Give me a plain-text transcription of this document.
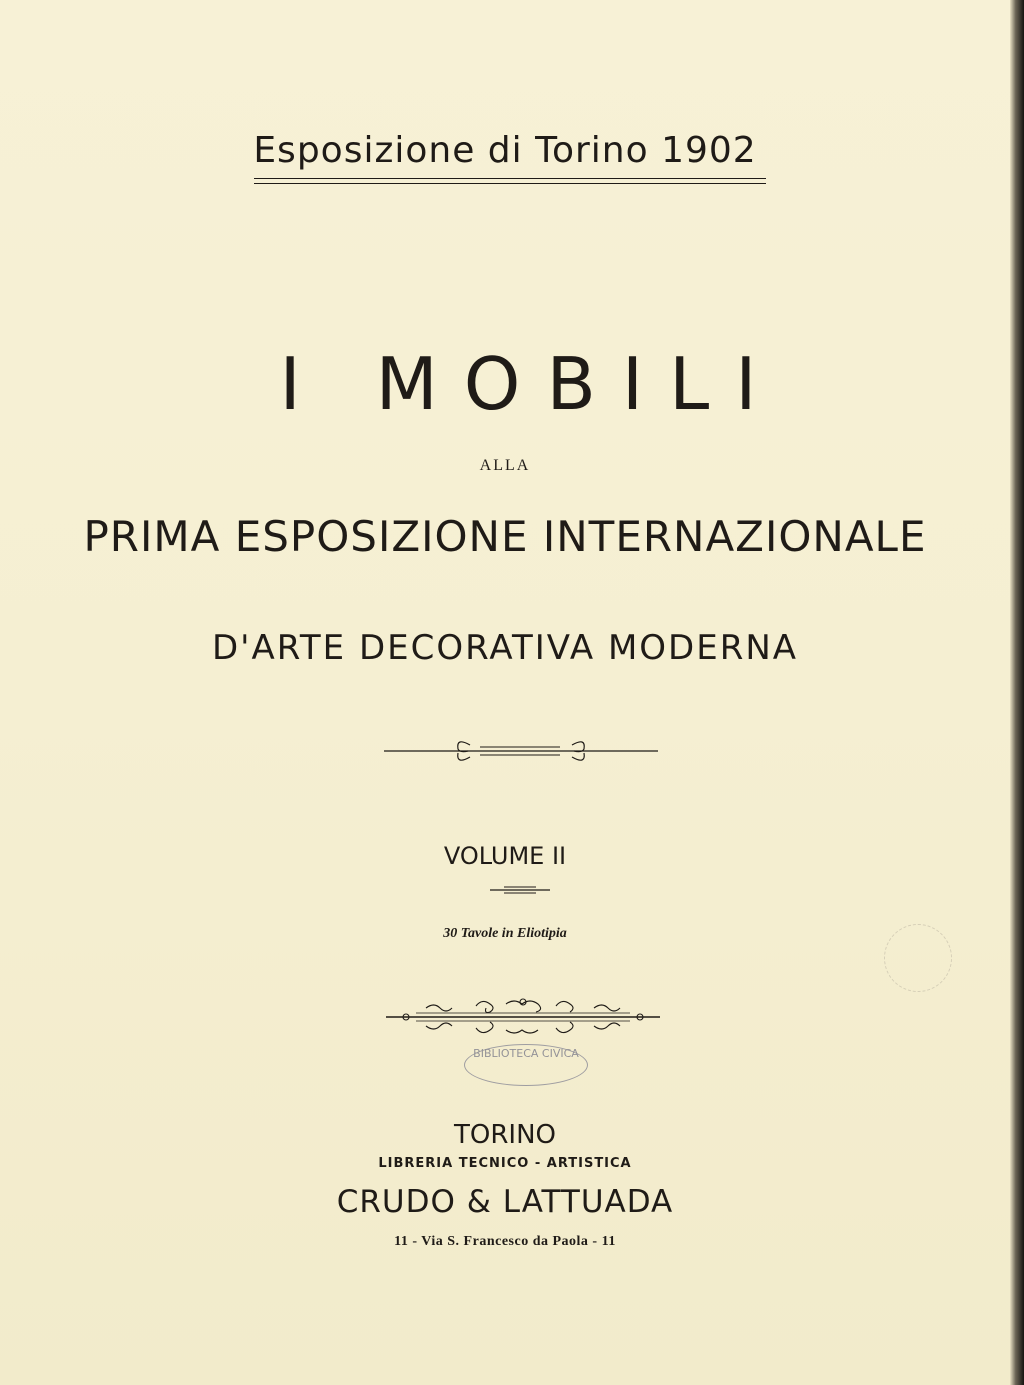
Esposizione di Torino 1902
I MOBILI
ALLA
PRIMA ESPOSIZIONE INTERNAZIONALE
D'ARTE DECORATIVA MODERNA
VOLUME II
30 Tavole in Eliotipia
BIBLIOTECA CIVICA
TORINO
LIBRERIA TECNICO - ARTISTICA
CRUDO & LATTUADA
11 - Via S. Francesco da Paola - 11
